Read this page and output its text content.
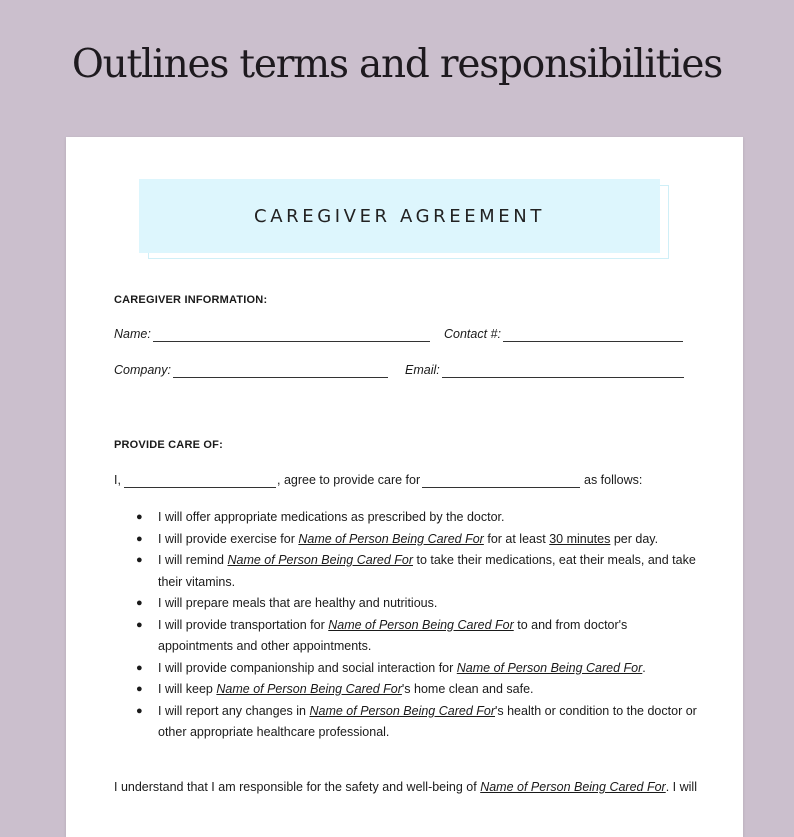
Outlines terms and responsibilities
CAREGIVER AGREEMENT
CAREGIVER INFORMATION:
Name:	Contact #:
Company:	Email:
PROVIDE CARE OF:
I,	, agree to provide care for	as follows:
● I will offer appropriate medications as prescribed by the doctor.
● I will provide exercise for Name of Person Being Cared For for at least 30 minutes per day.
● I will remind Name of Person Being Cared For to take their medications, eat their meals, and take
their vitamins.
● I will prepare meals that are healthy and nutritious.
● I will provide transportation for Name of Person Being Cared For to and from doctor's
appointments and other appointments.
● I will provide companionship and social interaction for Name of Person Being Cared For.
● I will keep Name of Person Being Cared For's home clean and safe.
● I will report any changes in Name of Person Being Cared For's health or condition to the doctor or
other appropriate healthcare professional.
I understand that I am responsible for the safety and well-being of Name of Person Being Cared For. I will
